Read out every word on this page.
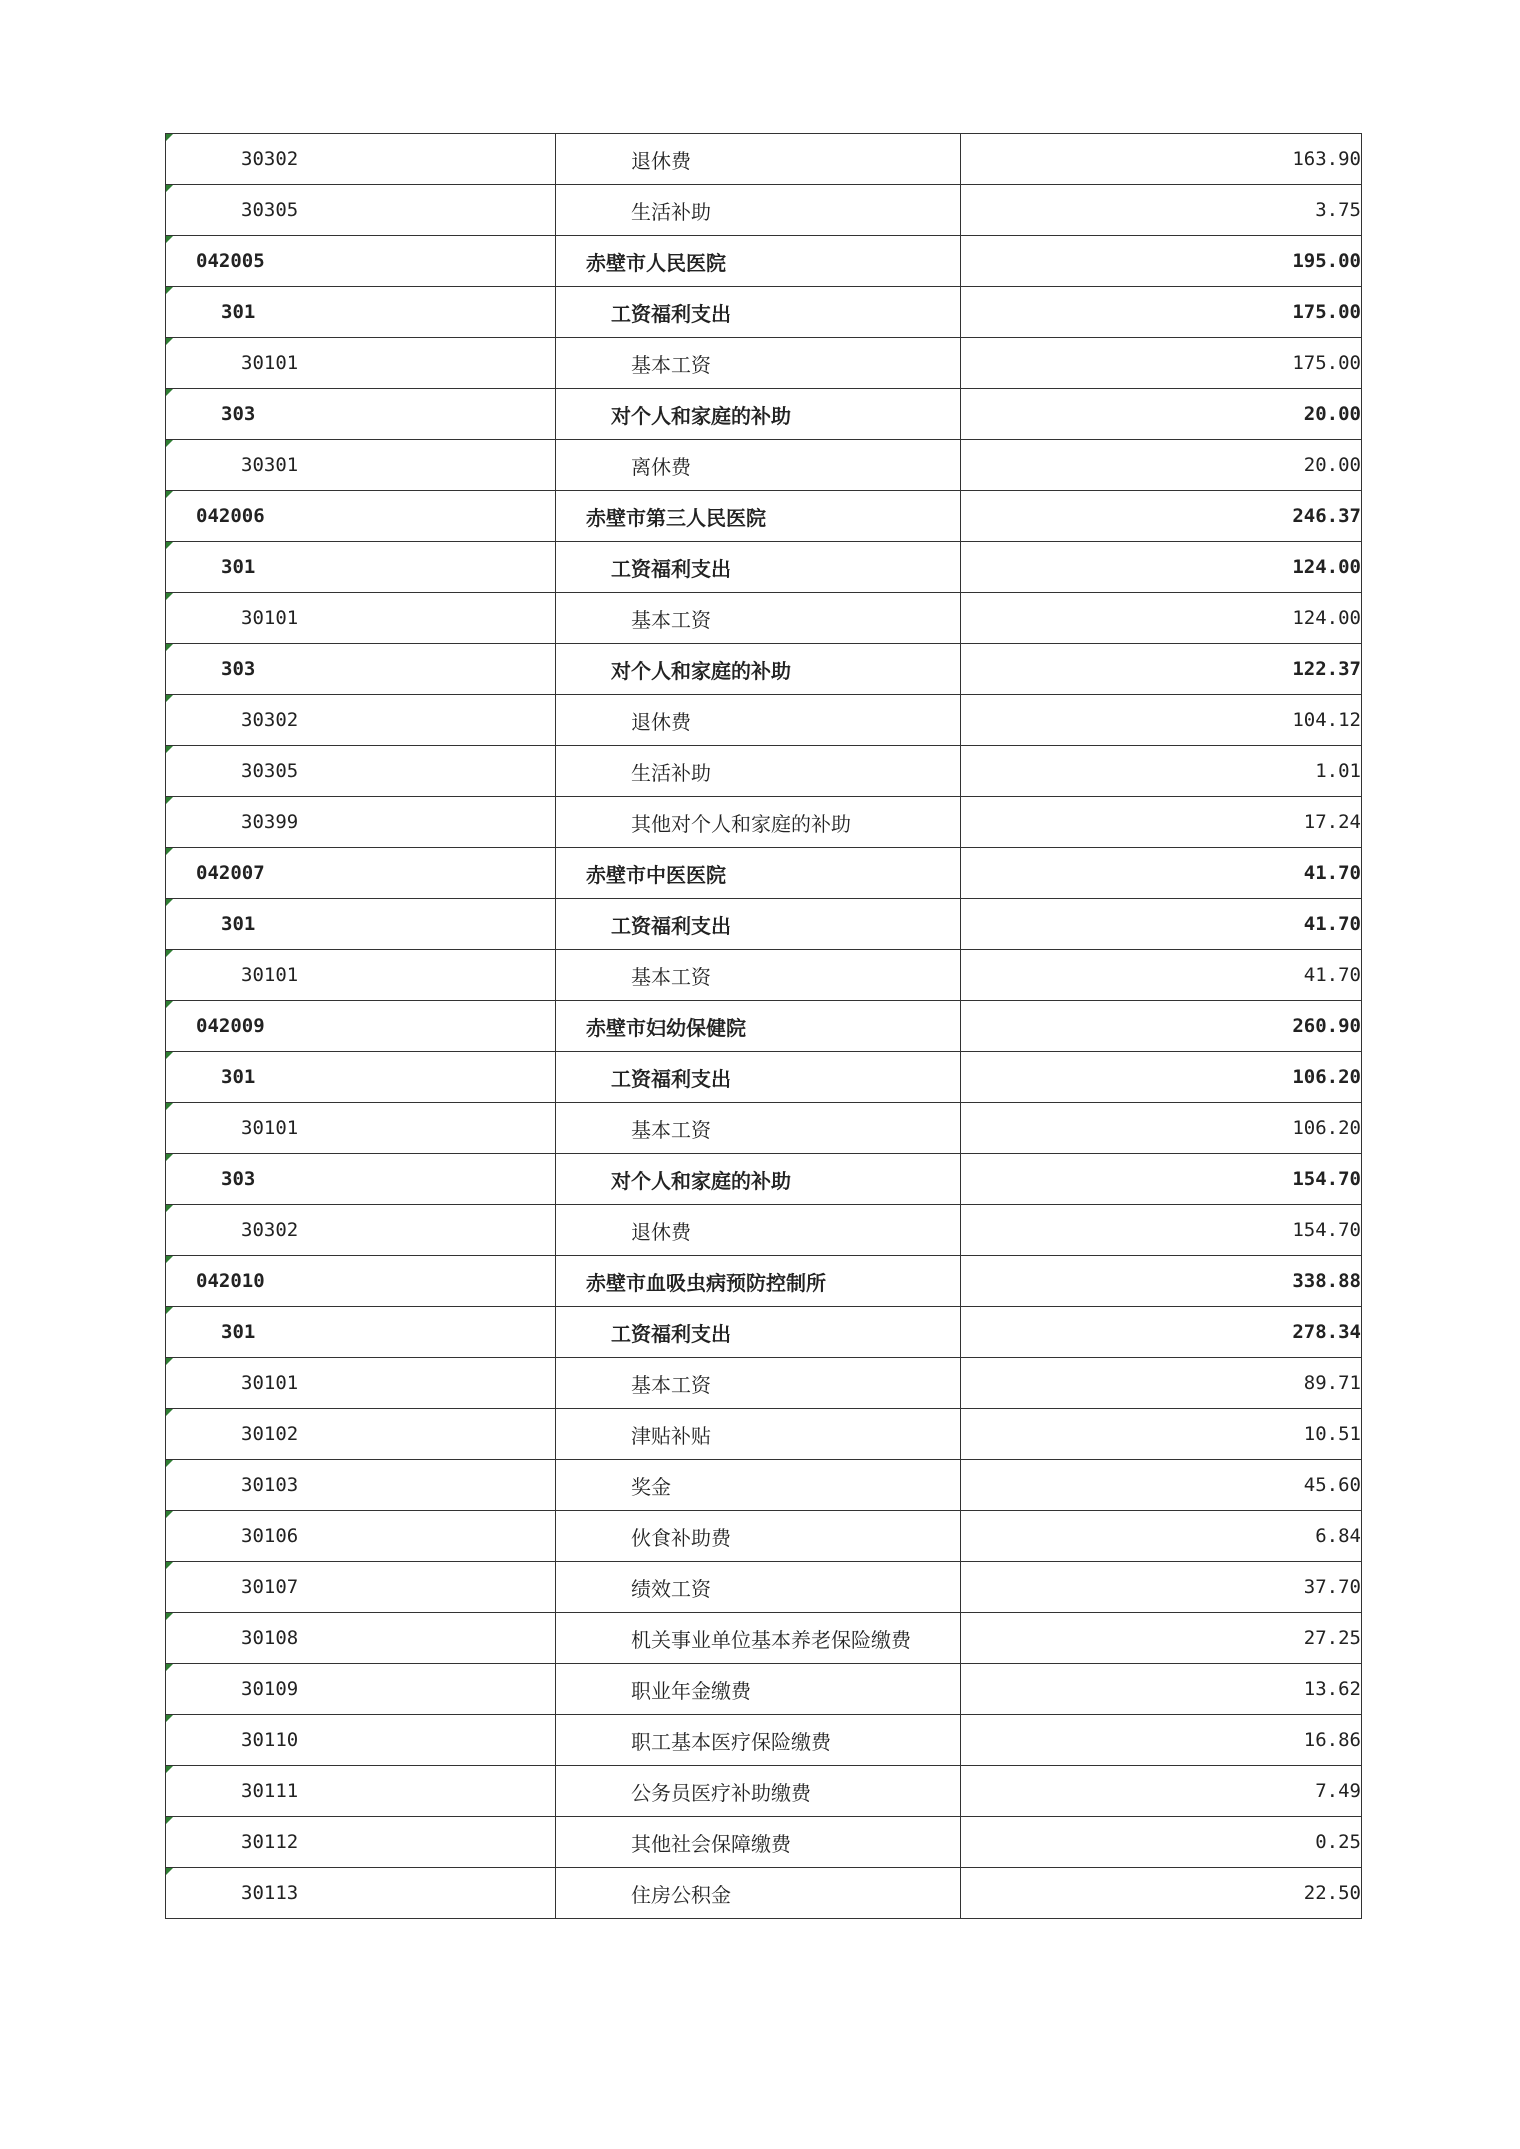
30302	退休费	163.90
30305	生活补助	3.75
042005	赤壁市人民医院	195.00
301	工资福利支出	175.00
30101	基本工资	175.00
303	对个人和家庭的补助	20.00
30301	离休费	20.00
042006	赤壁市第三人民医院	246.37
301	工资福利支出	124.00
30101	基本工资	124.00
303	对个人和家庭的补助	122.37
30302	退休费	104.12
30305	生活补助	1.01
30399	其他对个人和家庭的补助	17.24
042007	赤壁市中医医院	41.70
301	工资福利支出	41.70
30101	基本工资	41.70
042009	赤壁市妇幼保健院	260.90
301	工资福利支出	106.20
30101	基本工资	106.20
303	对个人和家庭的补助	154.70
30302	退休费	154.70
042010	赤壁市血吸虫病预防控制所	338.88
301	工资福利支出	278.34
30101	基本工资	89.71
30102	津贴补贴	10.51
30103	奖金	45.60
30106	伙食补助费	6.84
30107	绩效工资	37.70
30108	机关事业单位基本养老保险缴费	27.25
30109	职业年金缴费	13.62
30110	职工基本医疗保险缴费	16.86
30111	公务员医疗补助缴费	7.49
30112	其他社会保障缴费	0.25
30113	住房公积金	22.50
